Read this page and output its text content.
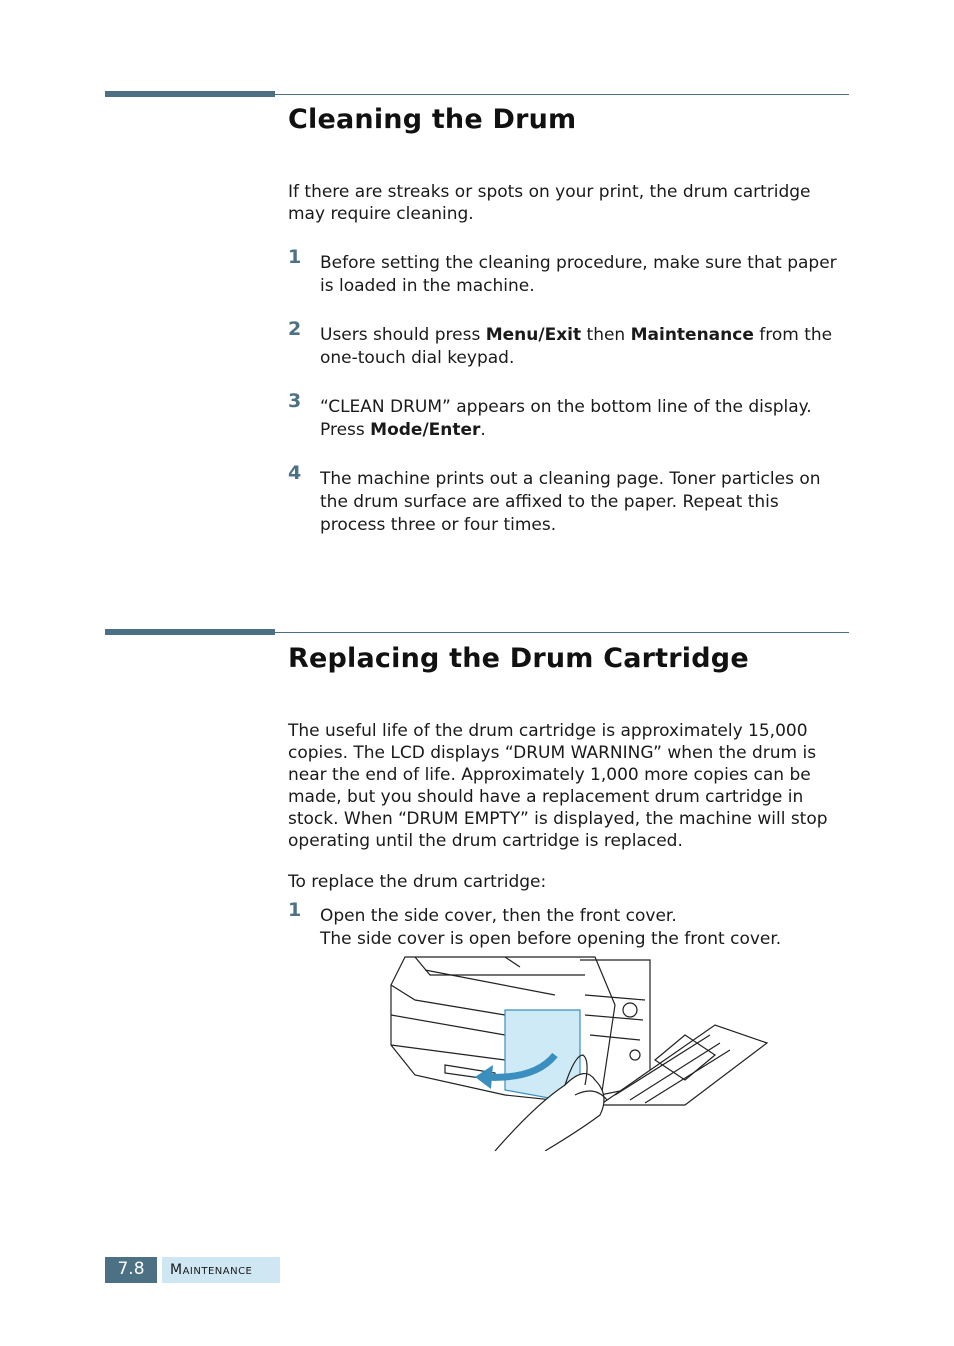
Cleaning the Drum

If there are streaks or spots on your print, the drum cartridge may require cleaning.

1 Before setting the cleaning procedure, make sure that paper is loaded in the machine.
2 Users should press Menu/Exit then Maintenance from the one-touch dial keypad.
3 “CLEAN DRUM” appears on the bottom line of the display. Press Mode/Enter.
4 The machine prints out a cleaning page. Toner particles on the drum surface are affixed to the paper. Repeat this process three or four times.
Replacing the Drum Cartridge

The useful life of the drum cartridge is approximately 15,000 copies. The LCD displays “DRUM WARNING” when the drum is near the end of life. Approximately 1,000 more copies can be made, but you should have a replacement drum cartridge in stock. When “DRUM EMPTY” is displayed, the machine will stop operating until the drum cartridge is replaced.

To replace the drum cartridge:

1 Open the side cover, then the front cover.
The side cover is open before opening the front cover.
7.8	Maintenance
